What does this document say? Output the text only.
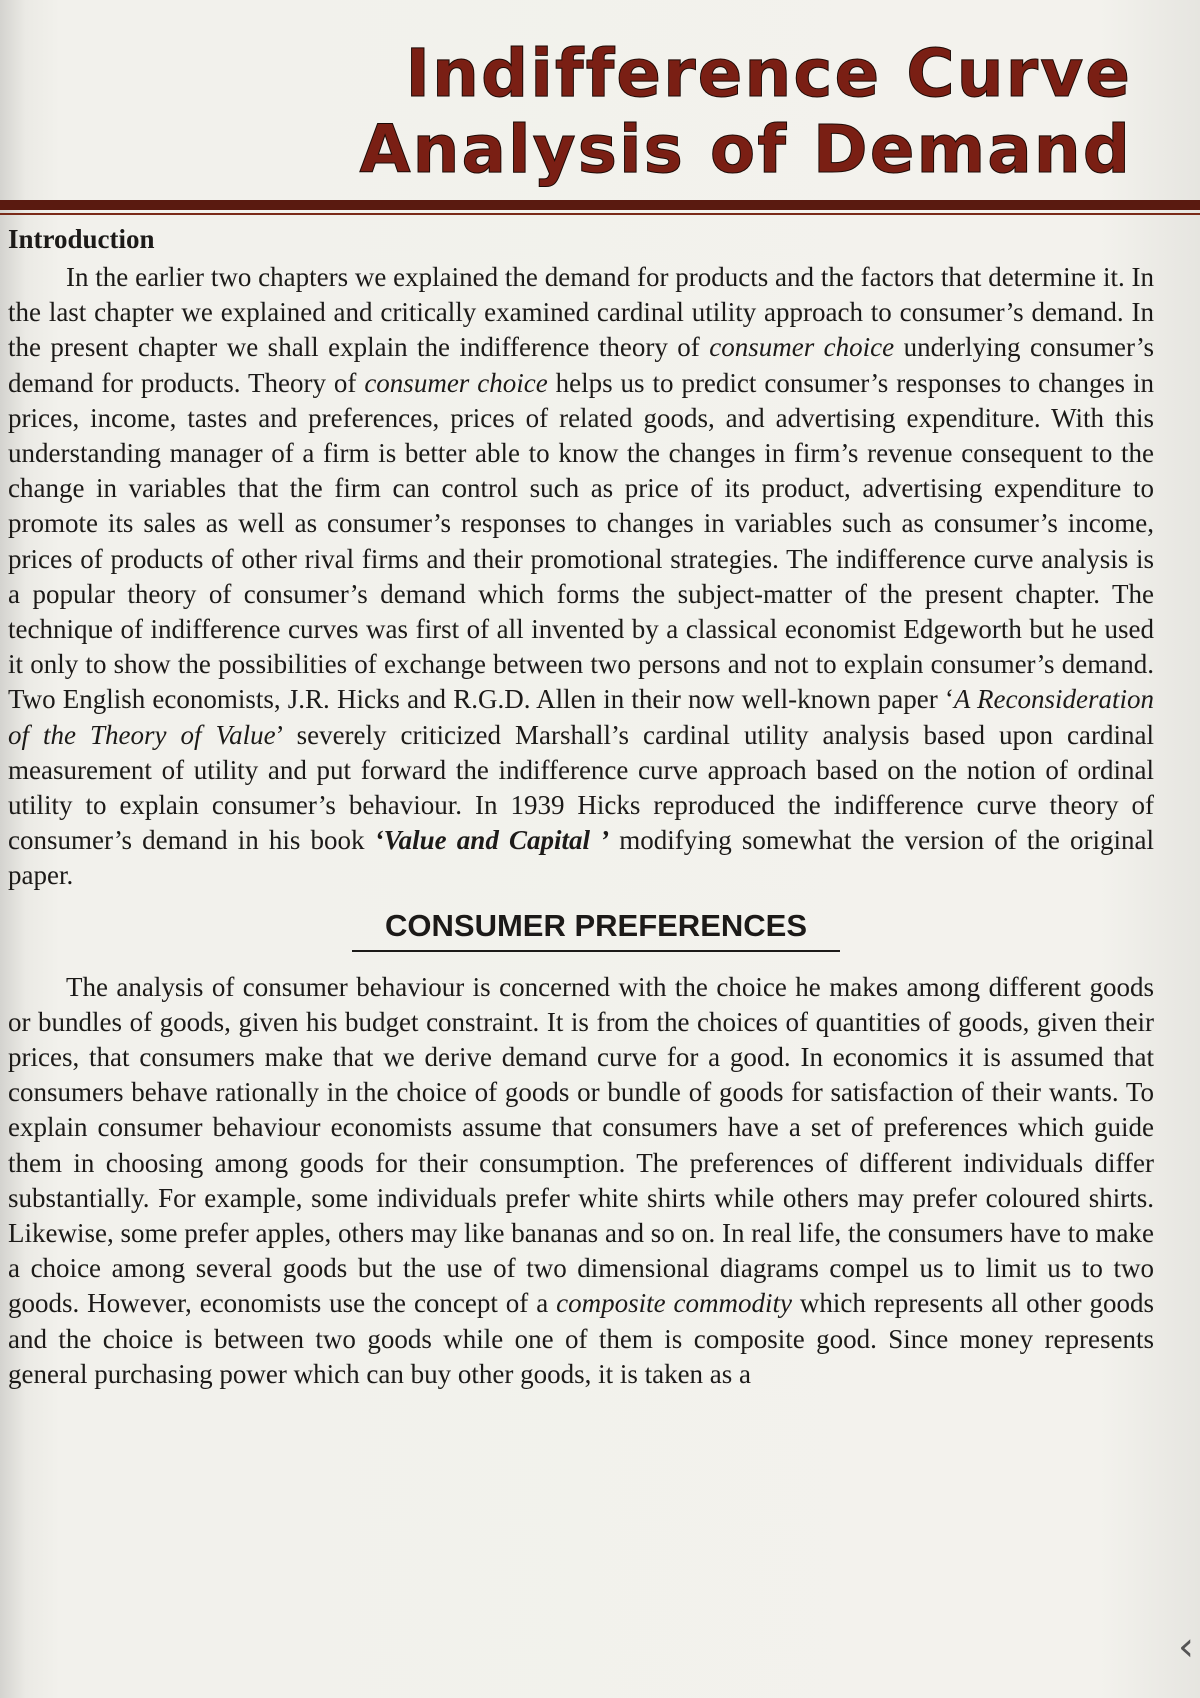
Indifference Curve
Analysis of Demand
Introduction

In the earlier two chapters we explained the demand for products and the factors that determine it. In the last chapter we explained and critically examined cardinal utility approach to consumer’s demand. In the present chapter we shall explain the indifference theory of consumer choice underlying consumer’s demand for products. Theory of consumer choice helps us to predict consumer’s responses to changes in prices, income, tastes and preferences, prices of related goods, and advertising expenditure. With this understanding manager of a firm is better able to know the changes in firm’s revenue consequent to the change in variables that the firm can control such as price of its product, advertising expenditure to promote its sales as well as consumer’s responses to changes in variables such as consumer’s income, prices of products of other rival firms and their promotional strategies. The indifference curve analysis is a popular theory of consumer’s demand which forms the subject-matter of the present chapter. The technique of indifference curves was first of all invented by a classical economist Edgeworth but he used it only to show the possibilities of exchange between two persons and not to explain consumer’s demand. Two English economists, J.R. Hicks and R.G.D. Allen in their now well-known paper ‘A Reconsideration of the Theory of Value’ severely criticized Marshall’s cardinal utility analysis based upon cardinal measurement of utility and put forward the indifference curve approach based on the notion of ordinal utility to explain consumer’s behaviour. In 1939 Hicks reproduced the indifference curve theory of consumer’s demand in his book ‘Value and Capital ’ modifying somewhat the version of the original paper.

CONSUMER PREFERENCES

The analysis of consumer behaviour is concerned with the choice he makes among different goods or bundles of goods, given his budget constraint. It is from the choices of quantities of goods, given their prices, that consumers make that we derive demand curve for a good. In economics it is assumed that consumers behave rationally in the choice of goods or bundle of goods for satisfaction of their wants. To explain consumer behaviour economists assume that consumers have a set of preferences which guide them in choosing among goods for their consumption. The preferences of different individuals differ substantially. For example, some individuals prefer white shirts while others may prefer coloured shirts. Likewise, some prefer apples, others may like bananas and so on. In real life, the consumers have to make a choice among several goods but the use of two dimensional diagrams compel us to limit us to two goods. However, economists use the concept of a composite commodity which represents all other goods and the choice is between two goods while one of them is composite good. Since money represents general purchasing power which can buy other goods, it is taken as a

‹
